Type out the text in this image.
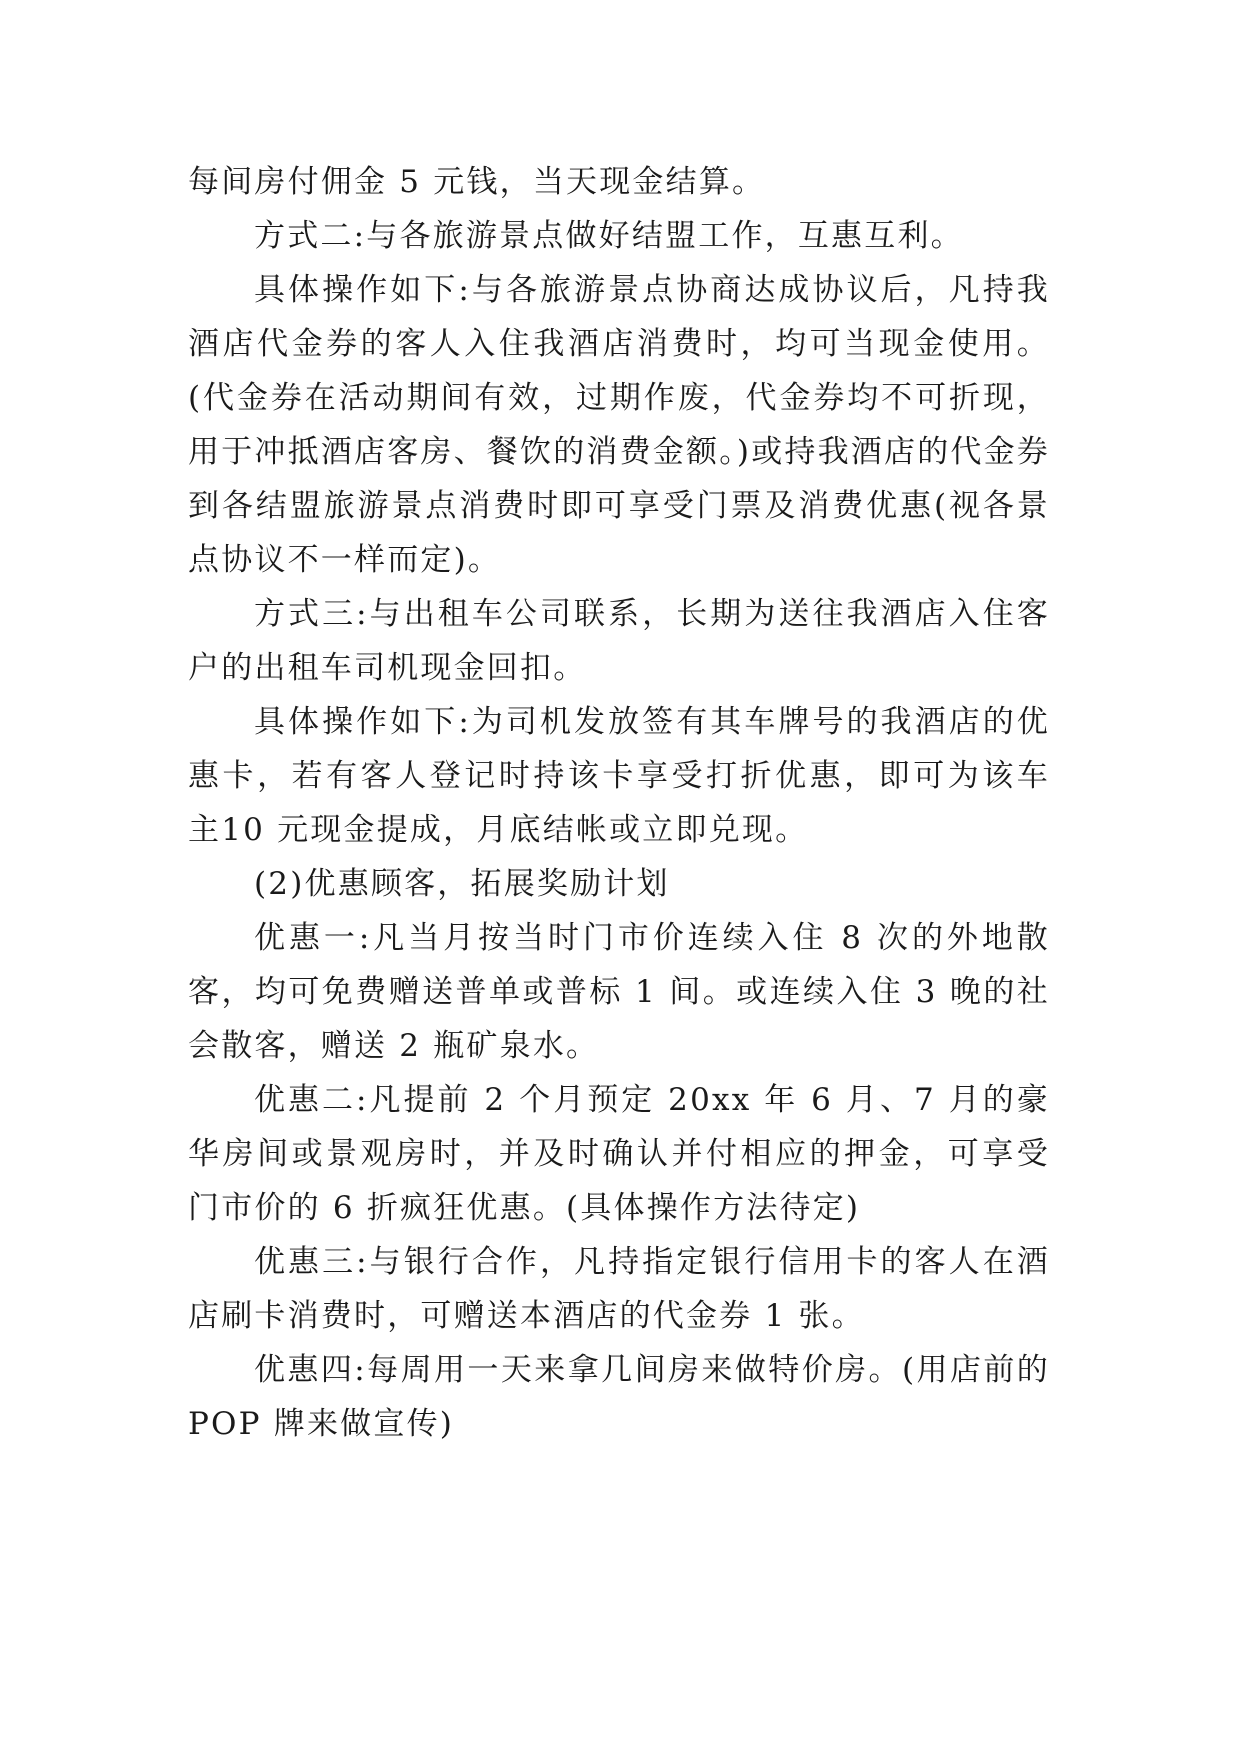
每间房付佣金 5 元钱，当天现金结算。

方式二:与各旅游景点做好结盟工作，互惠互利。

具体操作如下:与各旅游景点协商达成协议后，凡持我酒店代金券的客人入住我酒店消费时，均可当现金使用。(代金券在活动期间有效，过期作废，代金券均不可折现，用于冲抵酒店客房、餐饮的消费金额。)或持我酒店的代金券到各结盟旅游景点消费时即可享受门票及消费优惠(视各景点协议不一样而定)。

方式三:与出租车公司联系，长期为送往我酒店入住客户的出租车司机现金回扣。

具体操作如下:为司机发放签有其车牌号的我酒店的优惠卡，若有客人登记时持该卡享受打折优惠，即可为该车主10 元现金提成，月底结帐或立即兑现。

(2)优惠顾客，拓展奖励计划

优惠一:凡当月按当时门市价连续入住 8 次的外地散客，均可免费赠送普单或普标 1 间。或连续入住 3 晚的社会散客，赠送 2 瓶矿泉水。

优惠二:凡提前 2 个月预定 20xx 年 6 月、7 月的豪华房间或景观房时，并及时确认并付相应的押金，可享受门市价的 6 折疯狂优惠。(具体操作方法待定)

优惠三:与银行合作，凡持指定银行信用卡的客人在酒店刷卡消费时，可赠送本酒店的代金券 1 张。

优惠四:每周用一天来拿几间房来做特价房。(用店前的POP 牌来做宣传)
